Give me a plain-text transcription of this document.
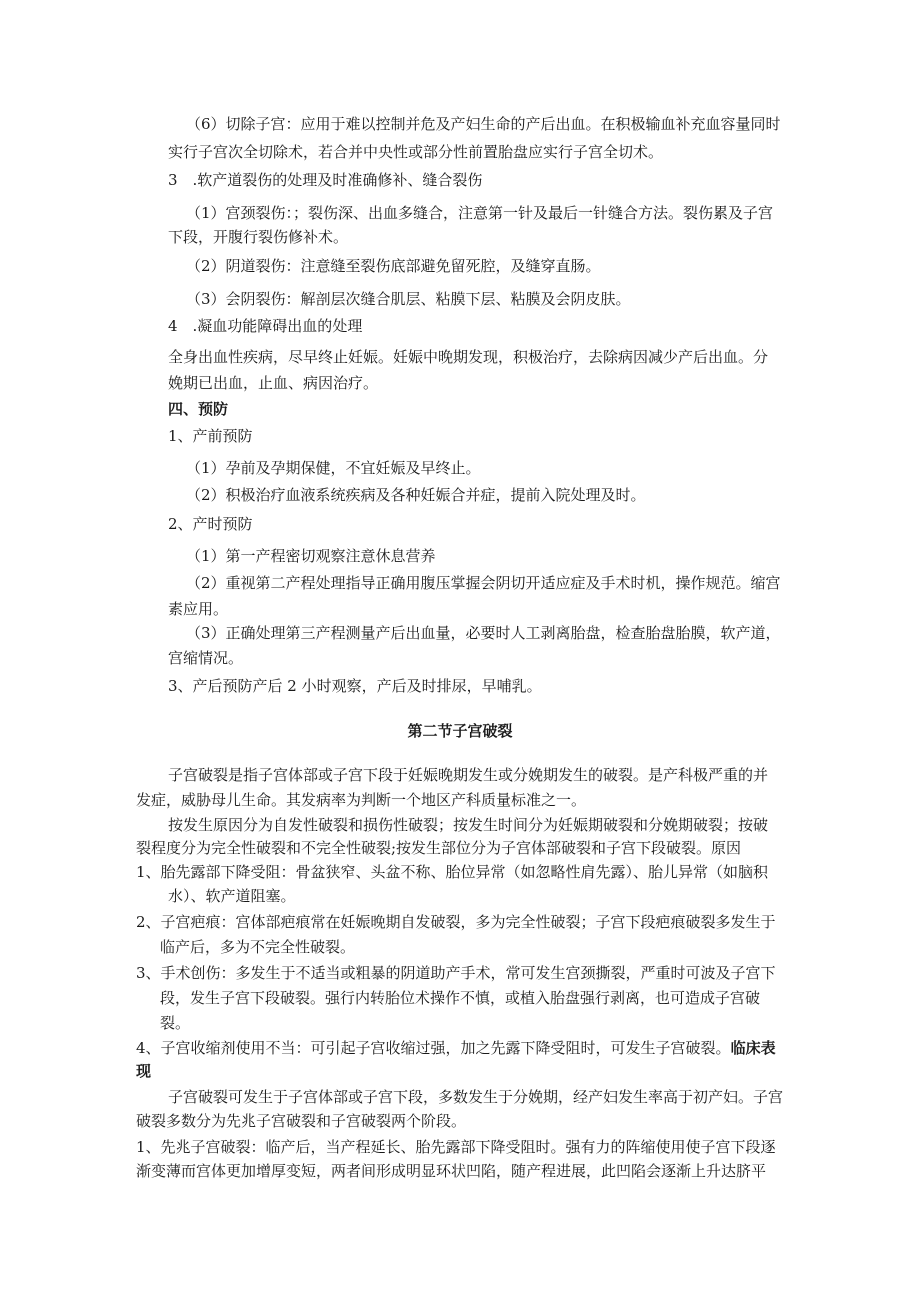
（6）切除子宫：应用于难以控制并危及产妇生命的产后出血。在积极输血补充血容量同时

实行子宫次全切除术，若合并中央性或部分性前置胎盘应实行子宫全切术。

3　.软产道裂伤的处理及时准确修补、缝合裂伤

（1）宫颈裂伤：；裂伤深、出血多缝合，注意第一针及最后一针缝合方法。裂伤累及子宫

下段，开腹行裂伤修补术。

（2）阴道裂伤：注意缝至裂伤底部避免留死腔，及缝穿直肠。

（3）会阴裂伤：解剖层次缝合肌层、粘膜下层、粘膜及会阴皮肤。

4　.凝血功能障碍出血的处理

全身出血性疾病，尽早终止妊娠。妊娠中晚期发现，积极治疗，去除病因减少产后出血。分

娩期已出血，止血、病因治疗。

四、预防

1、产前预防

（1）孕前及孕期保健，不宜妊娠及早终止。

（2）积极治疗血液系统疾病及各种妊娠合并症，提前入院处理及时。

2、产时预防

（1）第一产程密切观察注意休息营养

（2）重视第二产程处理指导正确用腹压掌握会阴切开适应症及手术时机，操作规范。缩宫

素应用。

（3）正确处理第三产程测量产后出血量，必要时人工剥离胎盘，检查胎盘胎膜，软产道，

宫缩情况。

3、产后预防产后 2 小时观察，产后及时排尿，早哺乳。

第二节子宫破裂

子宫破裂是指子宫体部或子宫下段于妊娠晚期发生或分娩期发生的破裂。是产科极严重的并

发症，威胁母儿生命。其发病率为判断一个地区产科质量标准之一。

按发生原因分为自发性破裂和损伤性破裂；按发生时间分为妊娠期破裂和分娩期破裂；按破

裂程度分为完全性破裂和不完全性破裂;按发生部位分为子宫体部破裂和子宫下段破裂。原因

1、胎先露部下降受阻：骨盆狭窄、头盆不称、胎位异常（如忽略性肩先露）、胎儿异常（如脑积

水）、软产道阻塞。

2、子宫疤痕：宫体部疤痕常在妊娠晚期自发破裂，多为完全性破裂；子宫下段疤痕破裂多发生于

临产后，多为不完全性破裂。

3、手术创伤：多发生于不适当或粗暴的阴道助产手术，常可发生宫颈撕裂，严重时可波及子宫下

段，发生子宫下段破裂。强行内转胎位术操作不慎，或植入胎盘强行剥离，也可造成子宫破

裂。

4、子宫收缩剂使用不当：可引起子宫收缩过强，加之先露下降受阻时，可发生子宫破裂。临床表

现

子宫破裂可发生于子宫体部或子宫下段，多数发生于分娩期，经产妇发生率高于初产妇。子宫

破裂多数分为先兆子宫破裂和子宫破裂两个阶段。

1、先兆子宫破裂：临产后，当产程延长、胎先露部下降受阻时。强有力的阵缩使用使子宫下段逐

渐变薄而宫体更加增厚变短，两者间形成明显环状凹陷，随产程进展，此凹陷会逐渐上升达脐平
